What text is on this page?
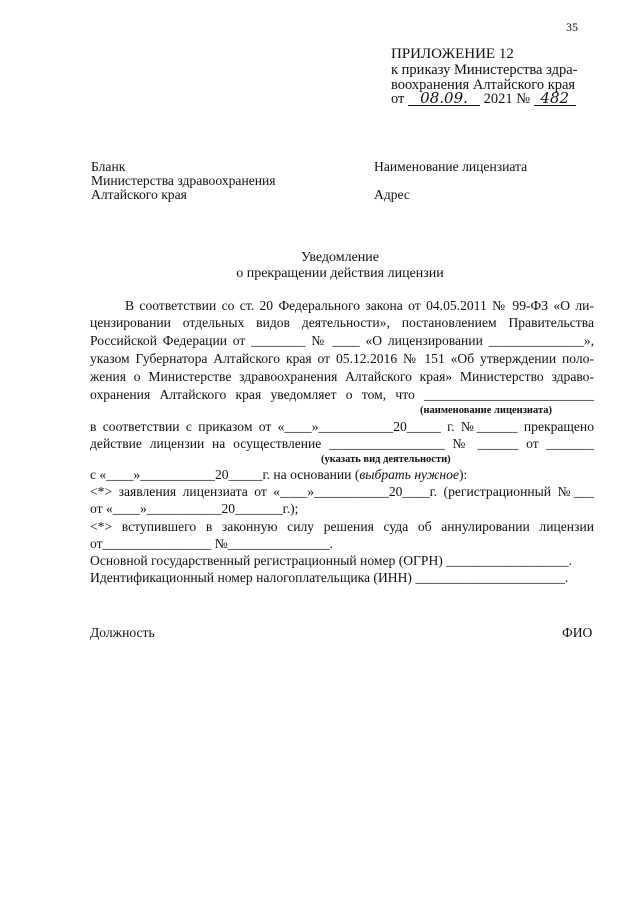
35
ПРИЛОЖЕНИЕ 12
к приказу Министерства здра-
воохранения Алтайского края
от 08.09. 2021 № 482
Бланк
Министерства здравоохранения
Алтайского края
Наименование лицензиата
Адрес
Уведомление
о прекращении действия лицензии
В соответствии со ст. 20 Федерального закона от 04.05.2011 № 99-ФЗ «О ли-
цензировании отдельных видов деятельности», постановлением Правительства
Российской Федерации от ________ № ____ «О лицензировании ______________»,
указом Губернатора Алтайского края от 05.12.2016 № 151 «Об утверждении поло-
жения о Министерстве здравоохранения Алтайского края» Министерство здраво-
охранения Алтайского края уведомляет о том, что _________________________
(наименование лицензиата)
в соответствии с приказом от «____»___________20_____ г. №______ прекращено
действие лицензии на осуществление _________________ № ______ от _______
(указать вид деятельности)
с «____»___________20_____г. на основании (выбрать нужное):
<*> заявления лицензиата от «____»___________20____г. (регистрационный №___
от «____»___________20_______г.);
<*> вступившего в законную силу решения суда об аннулировании лицензии
от________________ №_______________.
Основной государственный регистрационный номер (ОГРН) __________________.
Идентификационный номер налогоплательщика (ИНН) ______________________.
Должность	ФИО
